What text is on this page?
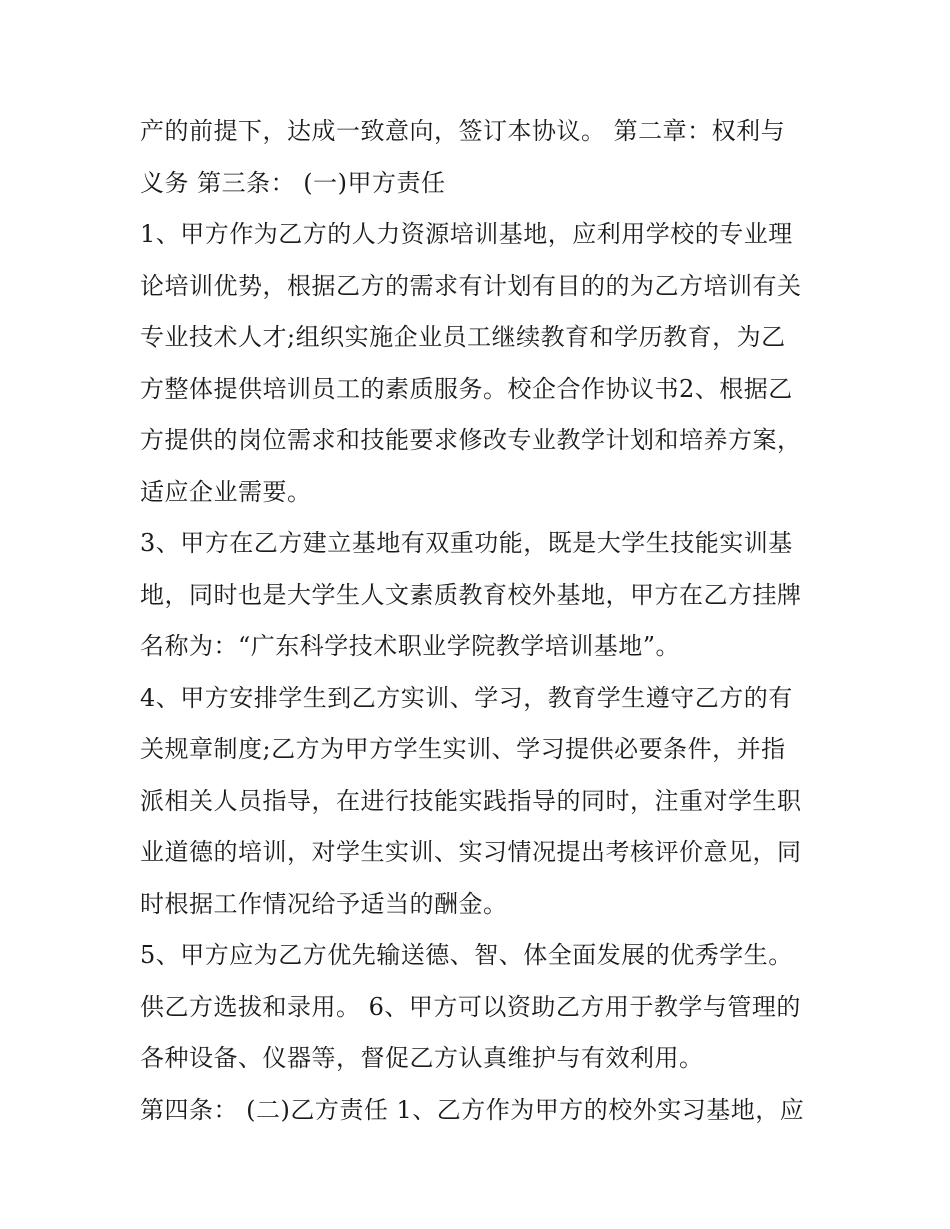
产的前提下，达成一致意向，签订本协议。 第二章：权利与
义务 第三条： (一)甲方责任
1、甲方作为乙方的人力资源培训基地，应利用学校的专业理
论培训优势，根据乙方的需求有计划有目的的为乙方培训有关
专业技术人才;组织实施企业员工继续教育和学历教育，为乙
方整体提供培训员工的素质服务。校企合作协议书2、根据乙
方提供的岗位需求和技能要求修改专业教学计划和培养方案，
适应企业需要。
3、甲方在乙方建立基地有双重功能，既是大学生技能实训基
地，同时也是大学生人文素质教育校外基地，甲方在乙方挂牌
名称为：“广东科学技术职业学院教学培训基地”。
4、甲方安排学生到乙方实训、学习，教育学生遵守乙方的有
关规章制度;乙方为甲方学生实训、学习提供必要条件，并指
派相关人员指导，在进行技能实践指导的同时，注重对学生职
业道德的培训，对学生实训、实习情况提出考核评价意见，同
时根据工作情况给予适当的酬金。
5、甲方应为乙方优先输送德、智、体全面发展的优秀学生。
供乙方选拔和录用。 6、甲方可以资助乙方用于教学与管理的
各种设备、仪器等，督促乙方认真维护与有效利用。
第四条： (二)乙方责任 1、乙方作为甲方的校外实习基地，应
